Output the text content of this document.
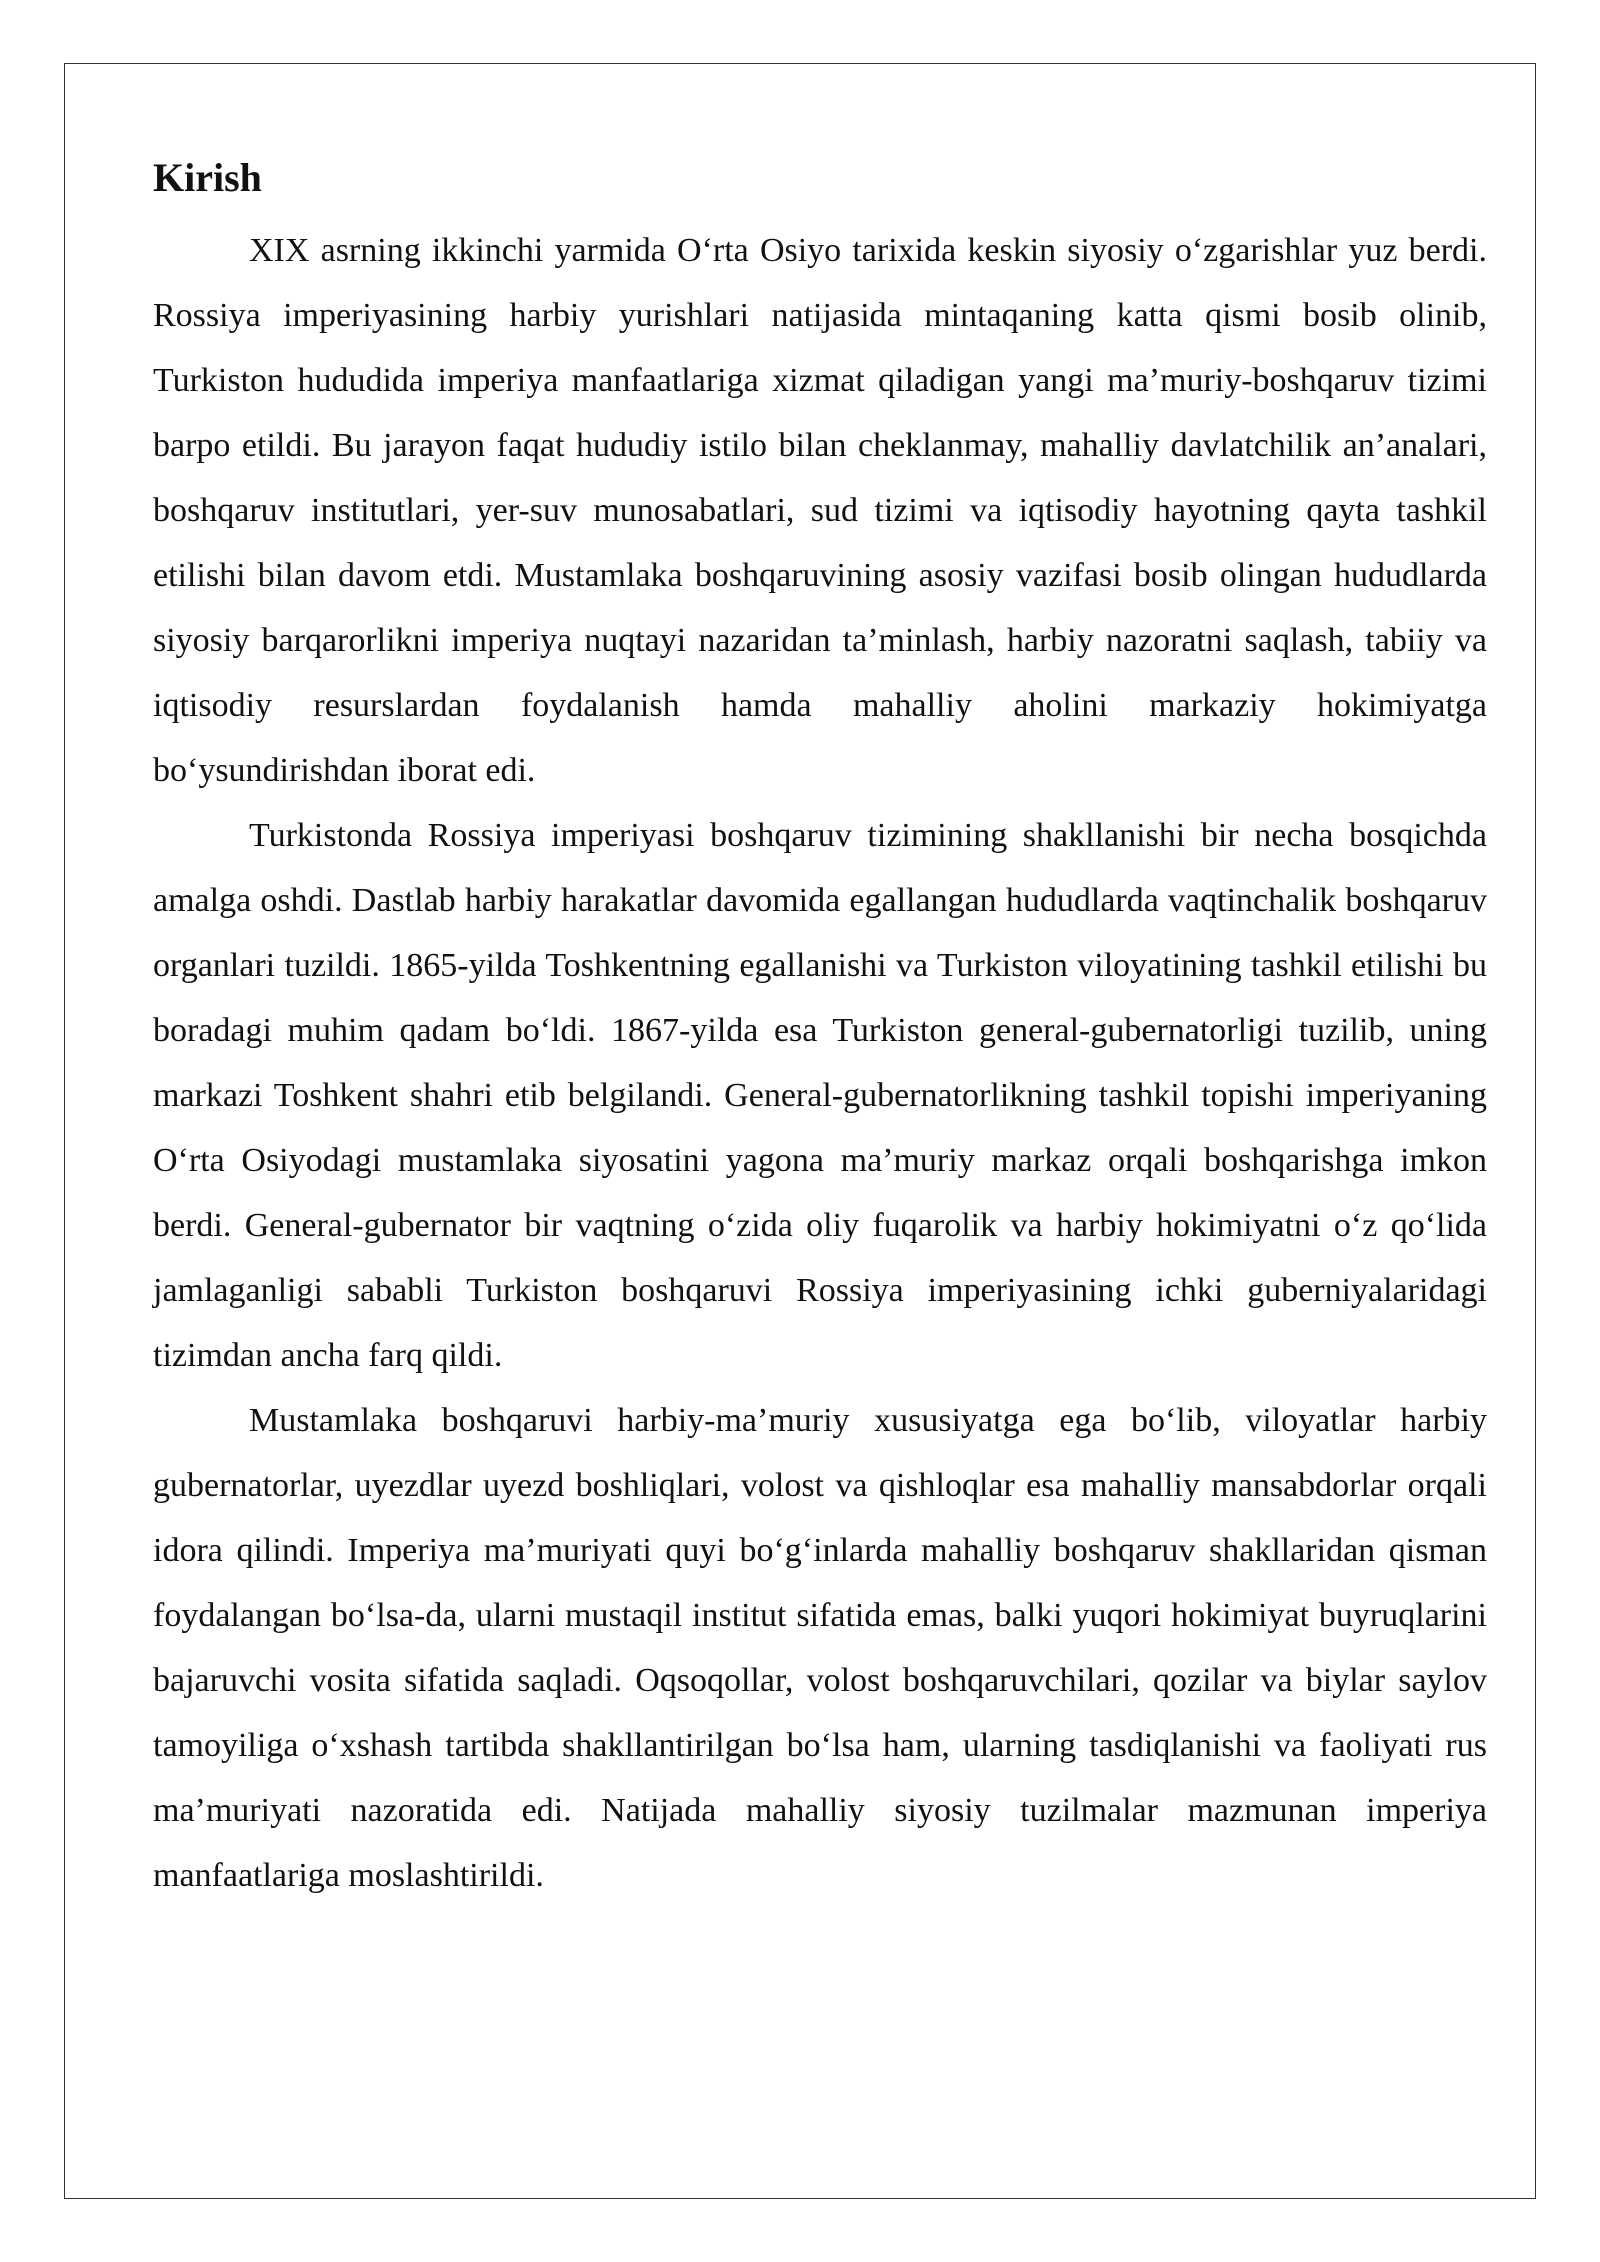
Kirish

XIX asrning ikkinchi yarmida O‘rta Osiyo tarixida keskin siyosiy o‘zgarishlar yuz berdi. Rossiya imperiyasining harbiy yurishlari natijasida mintaqaning katta qismi bosib olinib, Turkiston hududida imperiya manfaatlariga xizmat qiladigan yangi ma’muriy-boshqaruv tizimi barpo etildi. Bu jarayon faqat hududiy istilo bilan cheklanmay, mahalliy davlatchilik an’analari, boshqaruv institutlari, yer-suv munosabatlari, sud tizimi va iqtisodiy hayotning qayta tashkil etilishi bilan davom etdi. Mustamlaka boshqaruvining asosiy vazifasi bosib olingan hududlarda siyosiy barqarorlikni imperiya nuqtayi nazaridan ta’minlash, harbiy nazoratni saqlash, tabiiy va iqtisodiy resurslardan foydalanish hamda mahalliy aholini markaziy hokimiyatga bo‘ysundirishdan iborat edi.

Turkistonda Rossiya imperiyasi boshqaruv tizimining shakllanishi bir necha bosqichda amalga oshdi. Dastlab harbiy harakatlar davomida egallangan hududlarda vaqtinchalik boshqaruv organlari tuzildi. 1865-yilda Toshkentning egallanishi va Turkiston viloyatining tashkil etilishi bu boradagi muhim qadam bo‘ldi. 1867-yilda esa Turkiston general-gubernatorligi tuzilib, uning markazi Toshkent shahri etib belgilandi. General-gubernatorlikning tashkil topishi imperiyaning O‘rta Osiyodagi mustamlaka siyosatini yagona ma’muriy markaz orqali boshqarishga imkon berdi. General-gubernator bir vaqtning o‘zida oliy fuqarolik va harbiy hokimiyatni o‘z qo‘lida jamlaganligi sababli Turkiston boshqaruvi Rossiya imperiyasining ichki guberniyalaridagi tizimdan ancha farq qildi.

Mustamlaka boshqaruvi harbiy-ma’muriy xususiyatga ega bo‘lib, viloyatlar harbiy gubernatorlar, uyezdlar uyezd boshliqlari, volost va qishloqlar esa mahalliy mansabdorlar orqali idora qilindi. Imperiya ma’muriyati quyi bo‘g‘inlarda mahalliy boshqaruv shakllaridan qisman foydalangan bo‘lsa-da, ularni mustaqil institut sifatida emas, balki yuqori hokimiyat buyruqlarini bajaruvchi vosita sifatida saqladi. Oqsoqollar, volost boshqaruvchilari, qozilar va biylar saylov tamoyiliga o‘xshash tartibda shakllantirilgan bo‘lsa ham, ularning tasdiqlanishi va faoliyati rus ma’muriyati nazoratida edi. Natijada mahalliy siyosiy tuzilmalar mazmunan imperiya manfaatlariga moslashtirildi.
